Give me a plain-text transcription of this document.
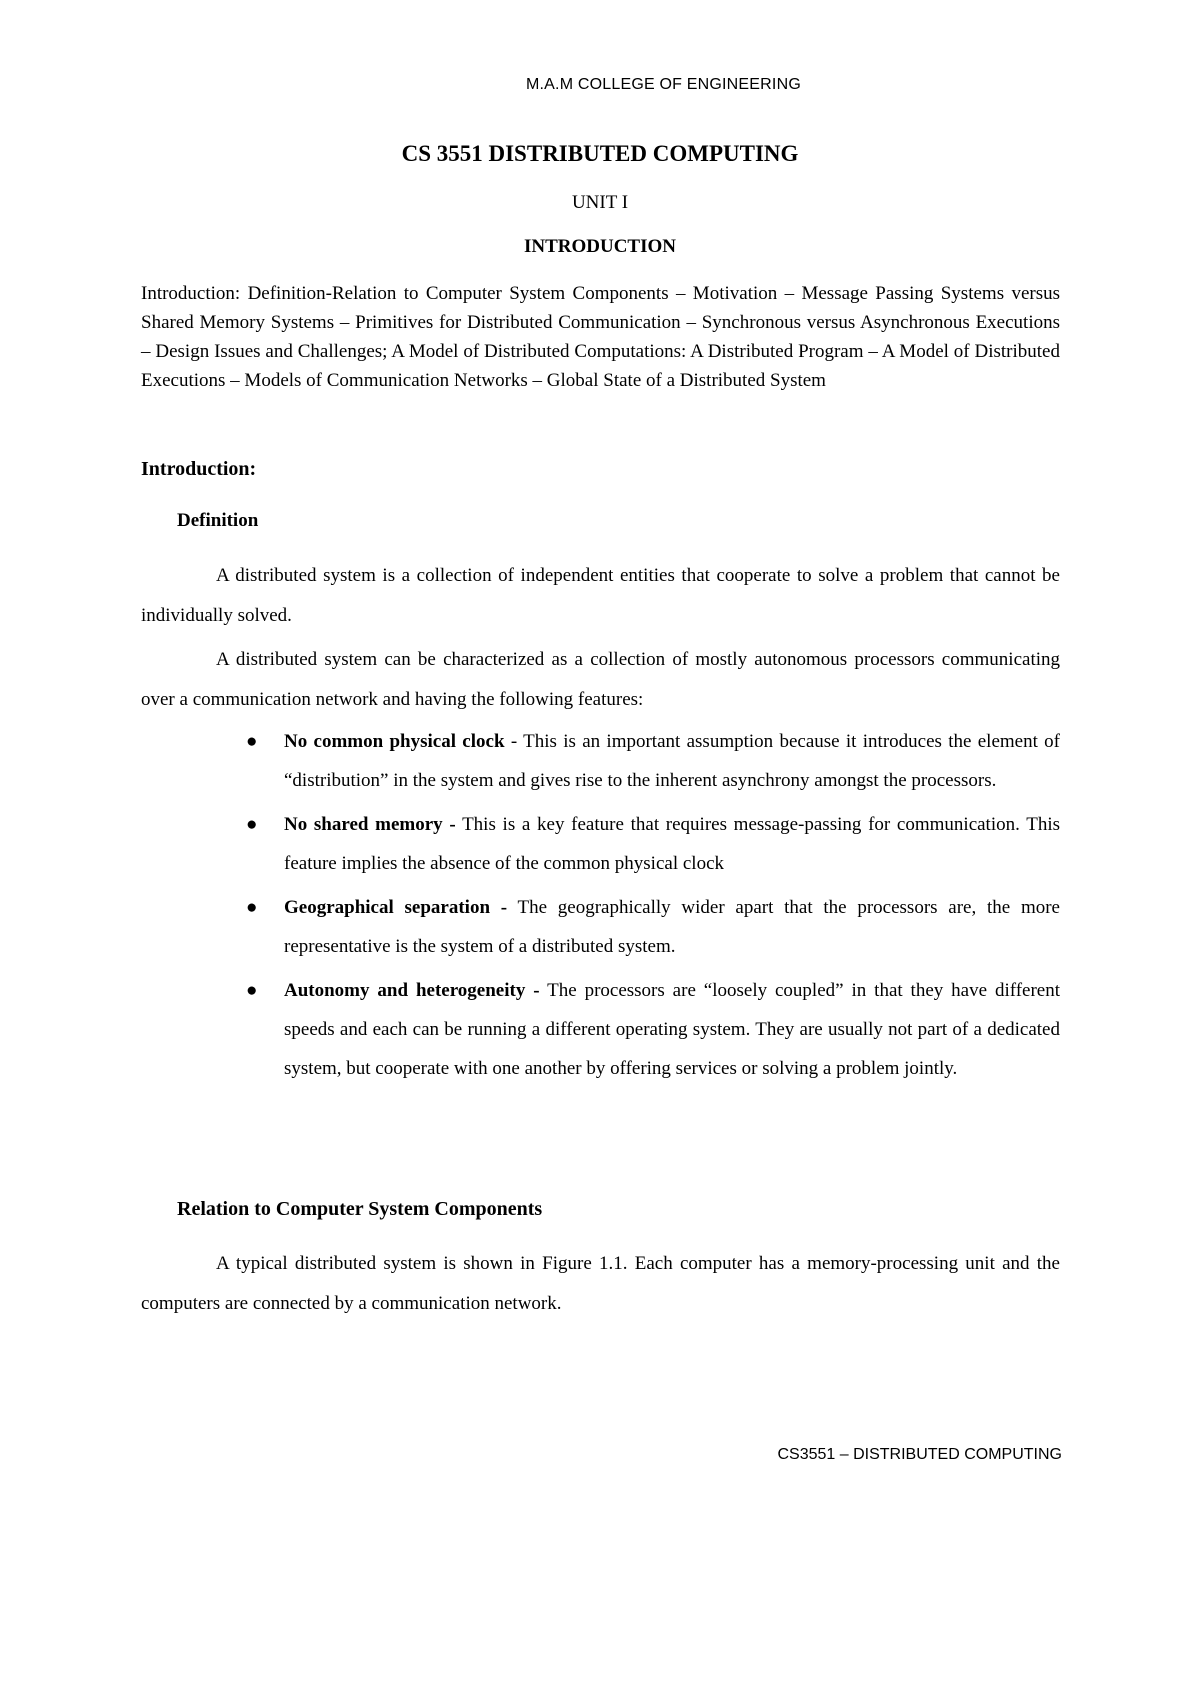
M.A.M COLLEGE OF ENGINEERING
CS 3551 DISTRIBUTED COMPUTING
UNIT I
INTRODUCTION

Introduction: Definition-Relation to Computer System Components – Motivation – Message Passing Systems versus Shared Memory Systems – Primitives for Distributed Communication – Synchronous versus Asynchronous Executions – Design Issues and Challenges; A Model of Distributed Computations: A Distributed Program – A Model of Distributed Executions – Models of Communication Networks – Global State of a Distributed System

Introduction:
Definition

A distributed system is a collection of independent entities that cooperate to solve a problem that cannot be individually solved.

A distributed system can be characterized as a collection of mostly autonomous processors communicating over a communication network and having the following features:

● No common physical clock - This is an important assumption because it introduces the element of “distribution” in the system and gives rise to the inherent asynchrony amongst the processors.
● No shared memory - This is a key feature that requires message-passing for communication. This feature implies the absence of the common physical clock
● Geographical separation - The geographically wider apart that the processors are, the more representative is the system of a distributed system.
● Autonomy and heterogeneity - The processors are “loosely coupled” in that they have different speeds and each can be running a different operating system. They are usually not part of a dedicated system, but cooperate with one another by offering services or solving a problem jointly.
Relation to Computer System Components

A typical distributed system is shown in Figure 1.1. Each computer has a memory-processing unit and the computers are connected by a communication network.

CS3551 – DISTRIBUTED COMPUTING
